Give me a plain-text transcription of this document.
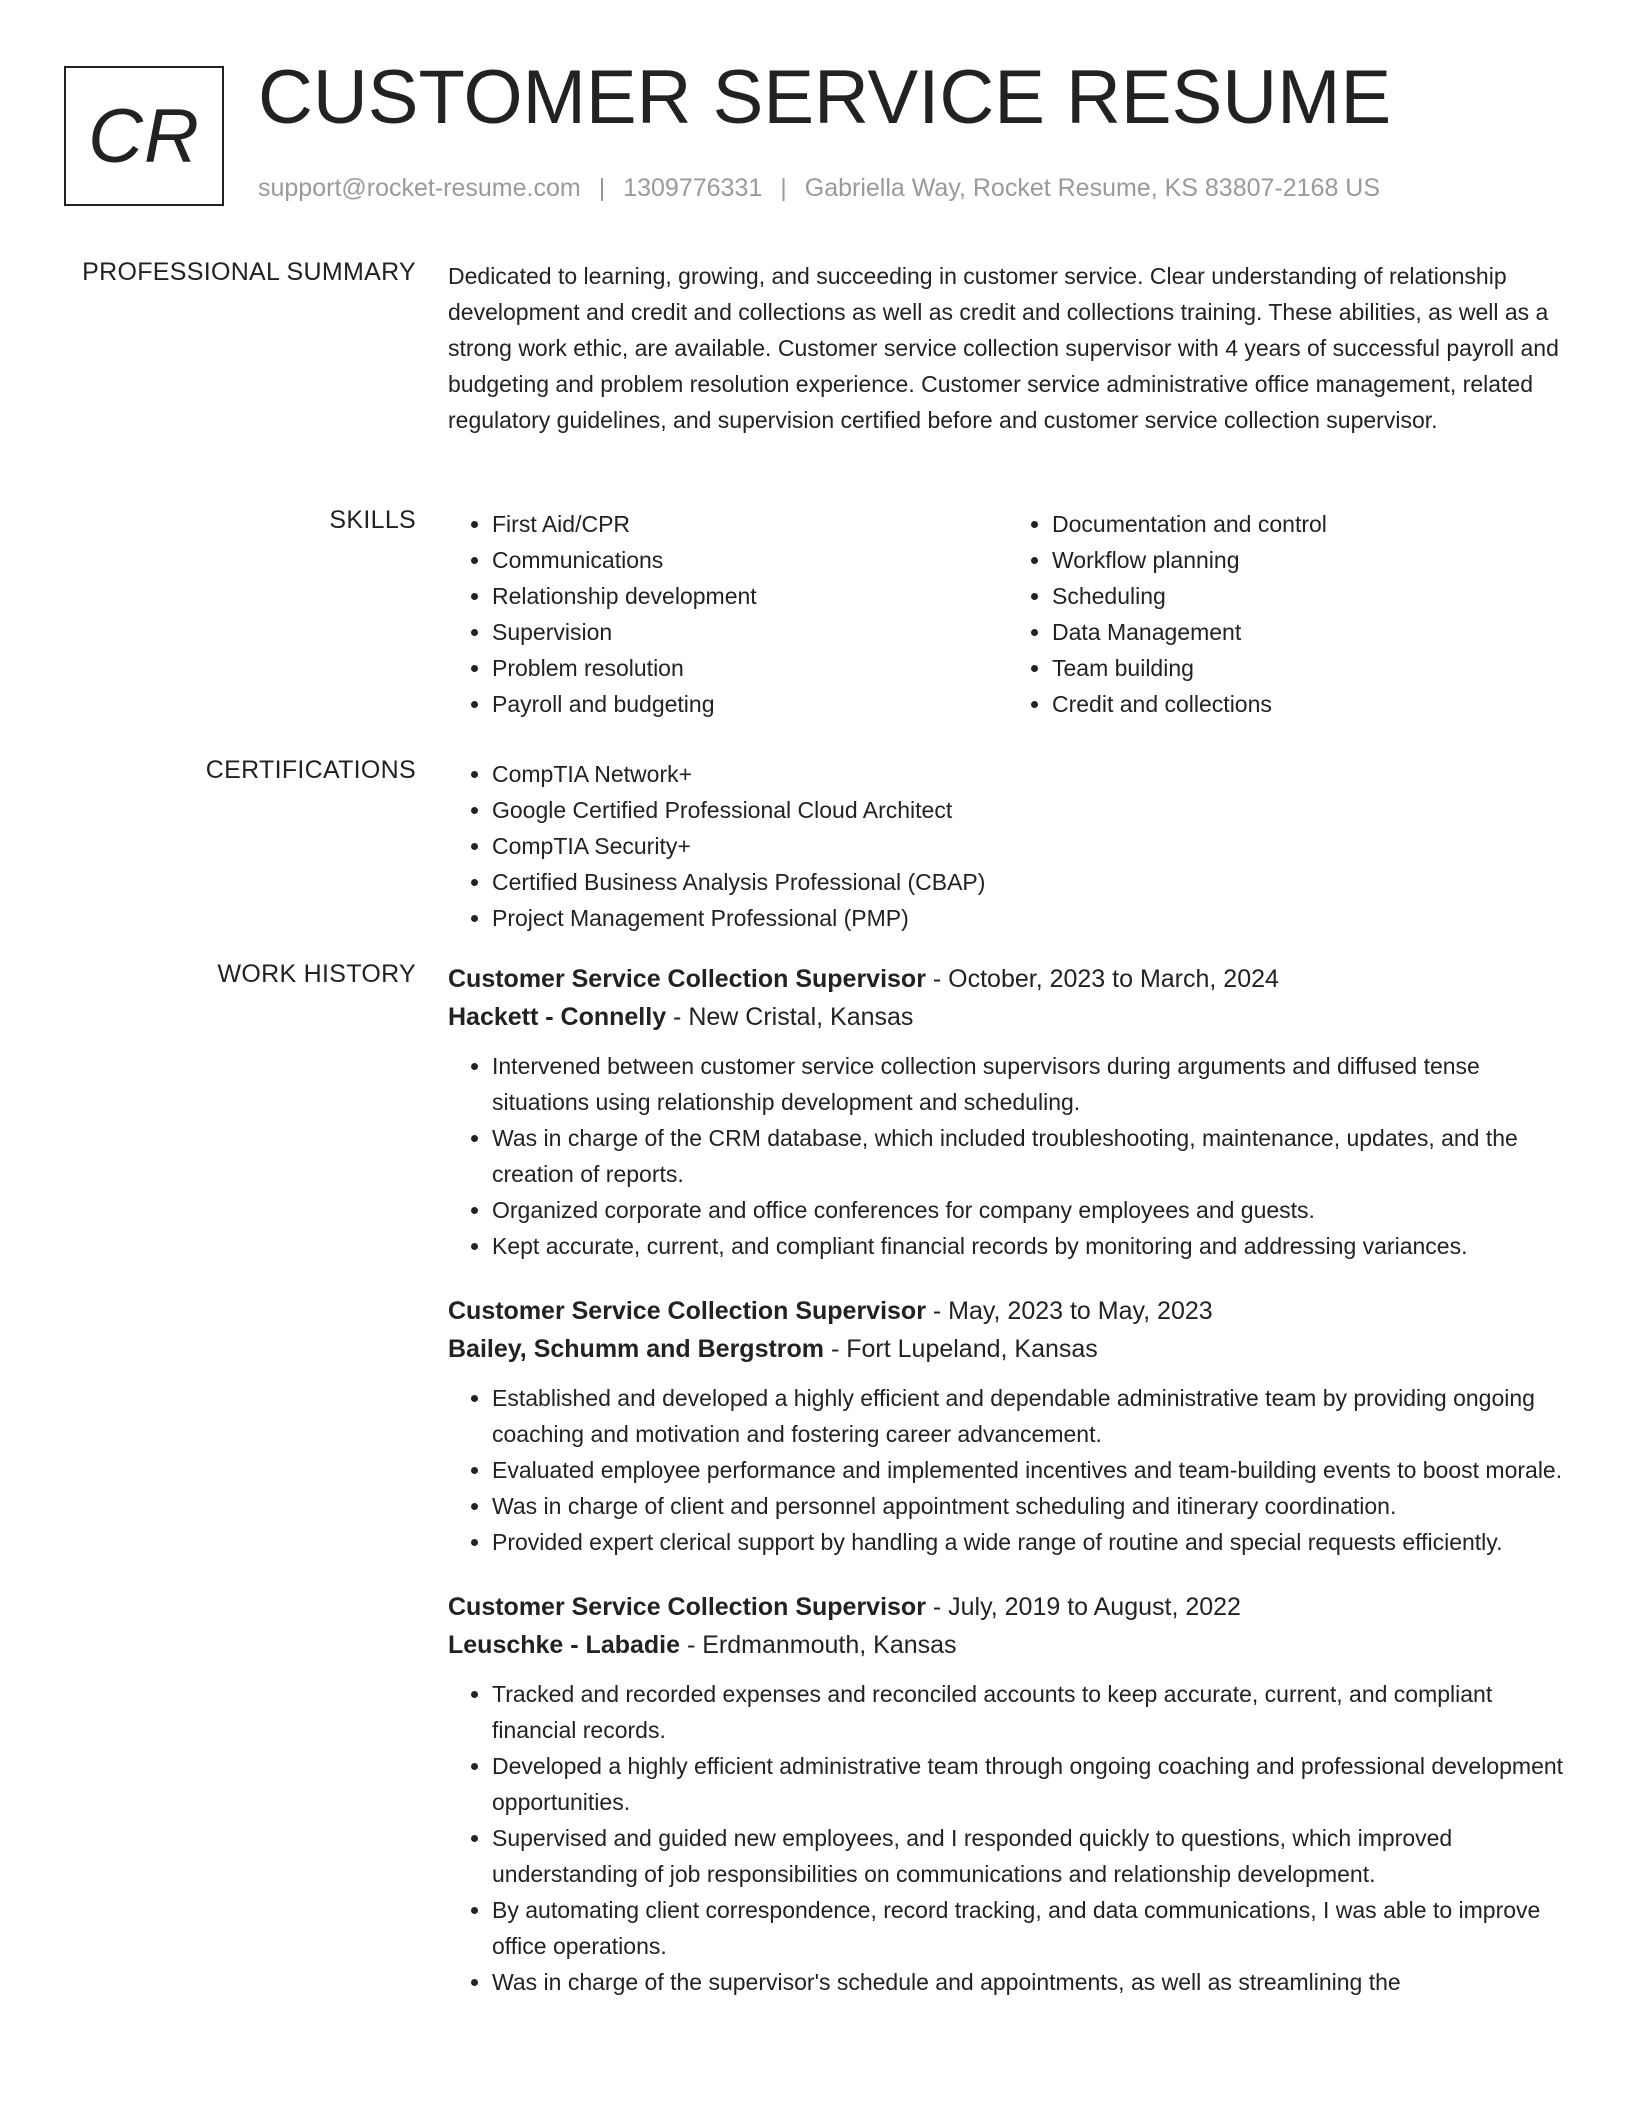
CR CUSTOMER SERVICE RESUME
support@rocket-resume.com | 1309776331 | Gabriella Way, Rocket Resume, KS 83807-2168 US
PROFESSIONAL SUMMARY Dedicated to learning, growing, and succeeding in customer service. Clear understanding of relationship development and credit and collections as well as credit and collections training. These abilities, as well as a strong work ethic, are available. Customer service collection supervisor with 4 years of successful payroll and budgeting and problem resolution experience. Customer service administrative office management, related regulatory guidelines, and supervision certified before and customer service collection supervisor.
SKILLS	• First Aid/CPR
• Communications
• Relationship development
• Supervision
• Problem resolution
• Payroll and budgeting
• Documentation and control
• Workflow planning
• Scheduling
• Data Management
• Team building
• Credit and collections
CERTIFICATIONS	• CompTIA Network+
• Google Certified Professional Cloud Architect
• CompTIA Security+
• Certified Business Analysis Professional (CBAP)
• Project Management Professional (PMP)
WORK HISTORY Customer Service Collection Supervisor - October, 2023 to March, 2024
Hackett - Connelly - New Cristal, Kansas
• Intervened between customer service collection supervisors during arguments and diffused tense situations using relationship development and scheduling.
• Was in charge of the CRM database, which included troubleshooting, maintenance, updates, and the creation of reports.
• Organized corporate and office conferences for company employees and guests.
• Kept accurate, current, and compliant financial records by monitoring and addressing variances.
Customer Service Collection Supervisor - May, 2023 to May, 2023
Bailey, Schumm and Bergstrom - Fort Lupeland, Kansas
• Established and developed a highly efficient and dependable administrative team by providing ongoing coaching and motivation and fostering career advancement.
• Evaluated employee performance and implemented incentives and team-building events to boost morale.
• Was in charge of client and personnel appointment scheduling and itinerary coordination.
• Provided expert clerical support by handling a wide range of routine and special requests efficiently.
Customer Service Collection Supervisor - July, 2019 to August, 2022
Leuschke - Labadie - Erdmanmouth, Kansas
• Tracked and recorded expenses and reconciled accounts to keep accurate, current, and compliant financial records.
• Developed a highly efficient administrative team through ongoing coaching and professional development opportunities.
• Supervised and guided new employees, and I responded quickly to questions, which improved understanding of job responsibilities on communications and relationship development.
• By automating client correspondence, record tracking, and data communications, I was able to improve office operations.
• Was in charge of the supervisor's schedule and appointments, as well as streamlining the
